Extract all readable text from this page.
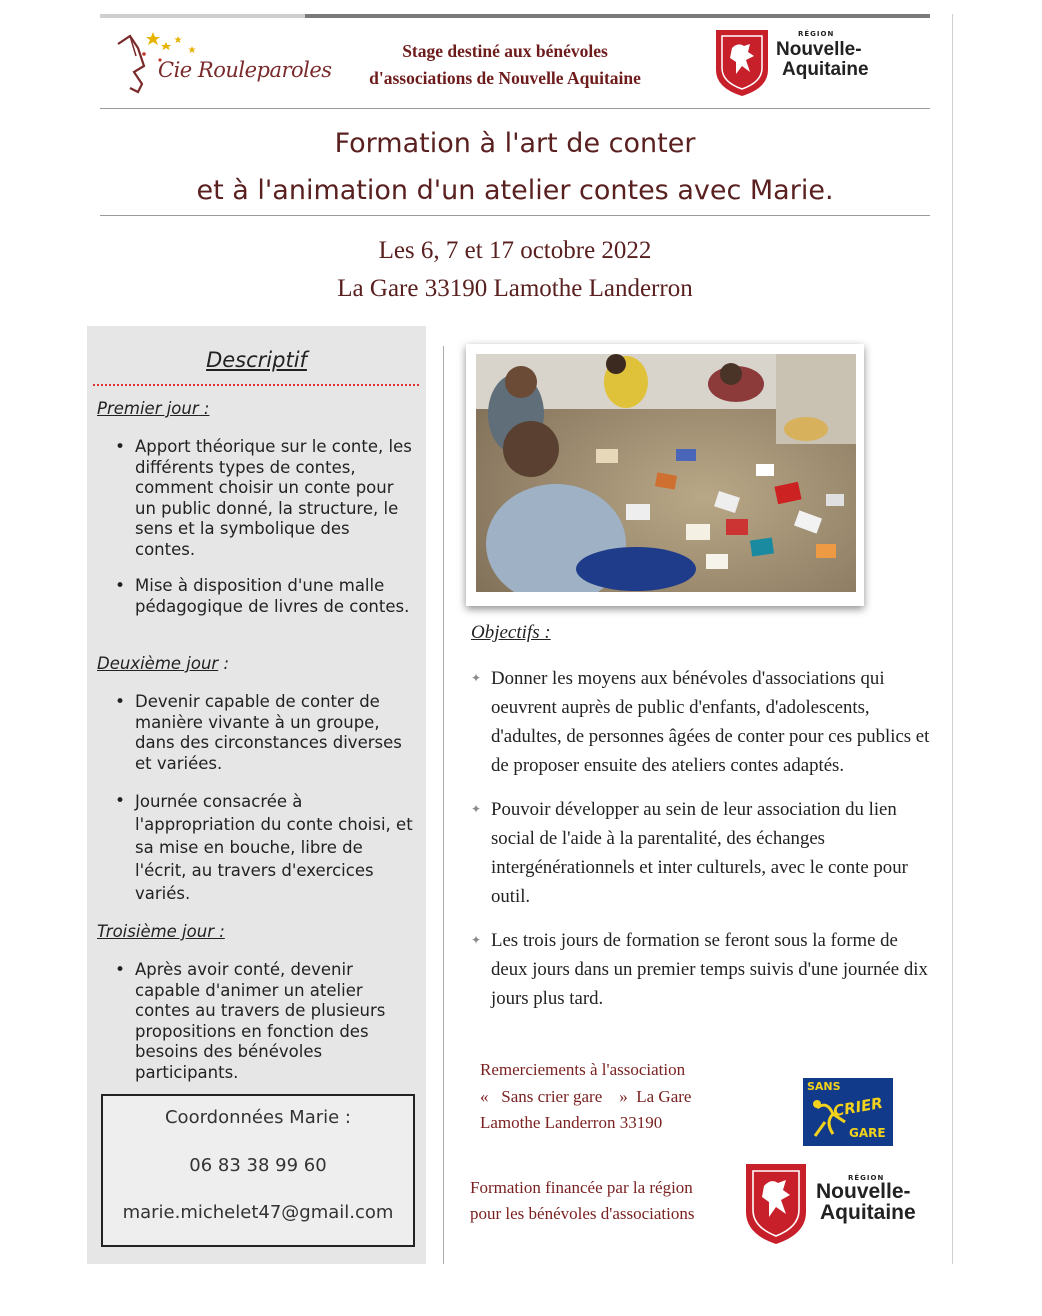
Cie Rouleparoles
Stage destiné aux bénévoles
d'associations de Nouvelle Aquitaine
RÉGION
Nouvelle-
Aquitaine
Formation à l'art de conter
et à l'animation d'un atelier contes avec Marie.
Les 6, 7 et 17 octobre 2022
La Gare 33190 Lamothe Landerron
Descriptif
Premier jour :
• Apport théorique sur le conte, les différents types de contes, comment choisir un conte pour un public donné, la structure, le sens et la symbolique des contes.
• Mise à disposition d'une malle pédagogique de livres de contes.
Deuxième jour :
• Devenir capable de conter de manière vivante à un groupe, dans des circonstances diverses et variées.
• Journée consacrée à l'appropriation du conte choisi, et sa mise en bouche, libre de l'écrit, au travers d'exercices variés.
Troisième jour :
• Après avoir conté, devenir capable d'animer un atelier contes au travers de plusieurs propositions en fonction des besoins des bénévoles participants.
Coordonnées Marie :
06 83 38 99 60
marie.michelet47@gmail.com
Objectifs :
✦ Donner les moyens aux bénévoles d'associations qui oeuvrent auprès de public d'enfants, d'adolescents, d'adultes, de personnes âgées de conter pour ces publics et de proposer ensuite des ateliers contes adaptés.
✦ Pouvoir développer au sein de leur association du lien social de l'aide à la parentalité, des échanges intergénérationnels et inter culturels, avec le conte pour outil.
✦ Les trois jours de formation se feront sous la forme de deux jours dans un premier temps suivis d'une journée dix jours plus tard.
Remerciements à l'association
«   Sans crier gare    »  La Gare
Lamothe Landerron 33190
SANS
CRIER
GARE
Formation financée par la région
pour les bénévoles d'associations
RÉGION
Nouvelle-
Aquitaine
